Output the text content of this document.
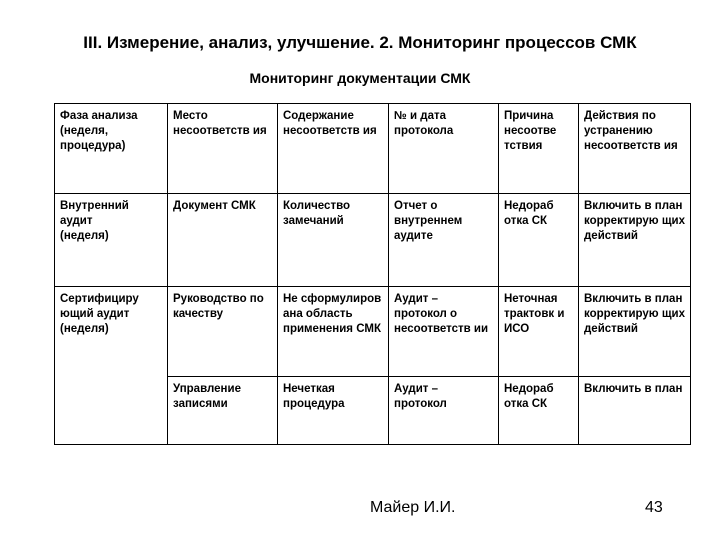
III. Измерение, анализ, улучшение. 2. Мониторинг процессов СМК
Мониторинг документации СМК
Фаза анализа
(неделя,
процедура)	Место несоответств ия	Содержание несоответств ия	№ и дата протокола	Причина несоотве тствия	Действия по устранению несоответств ия
Внутренний
аудит
(неделя)	Документ СМК	Количество замечаний	Отчет о внутреннем аудите	Недораб отка СК	Включить в план корректирую щих действий
Сертифициру ющий аудит (неделя)	Руководство по качеству	Не сформулиров ана область применения СМК	Аудит – протокол о несоответств ии	Неточная трактовк и ИСО	Включить в план корректирую щих действий
	Управление записями	Нечеткая процедура	Аудит – протокол	Недораб отка СК	Включить в план

Майер И.И.	43
